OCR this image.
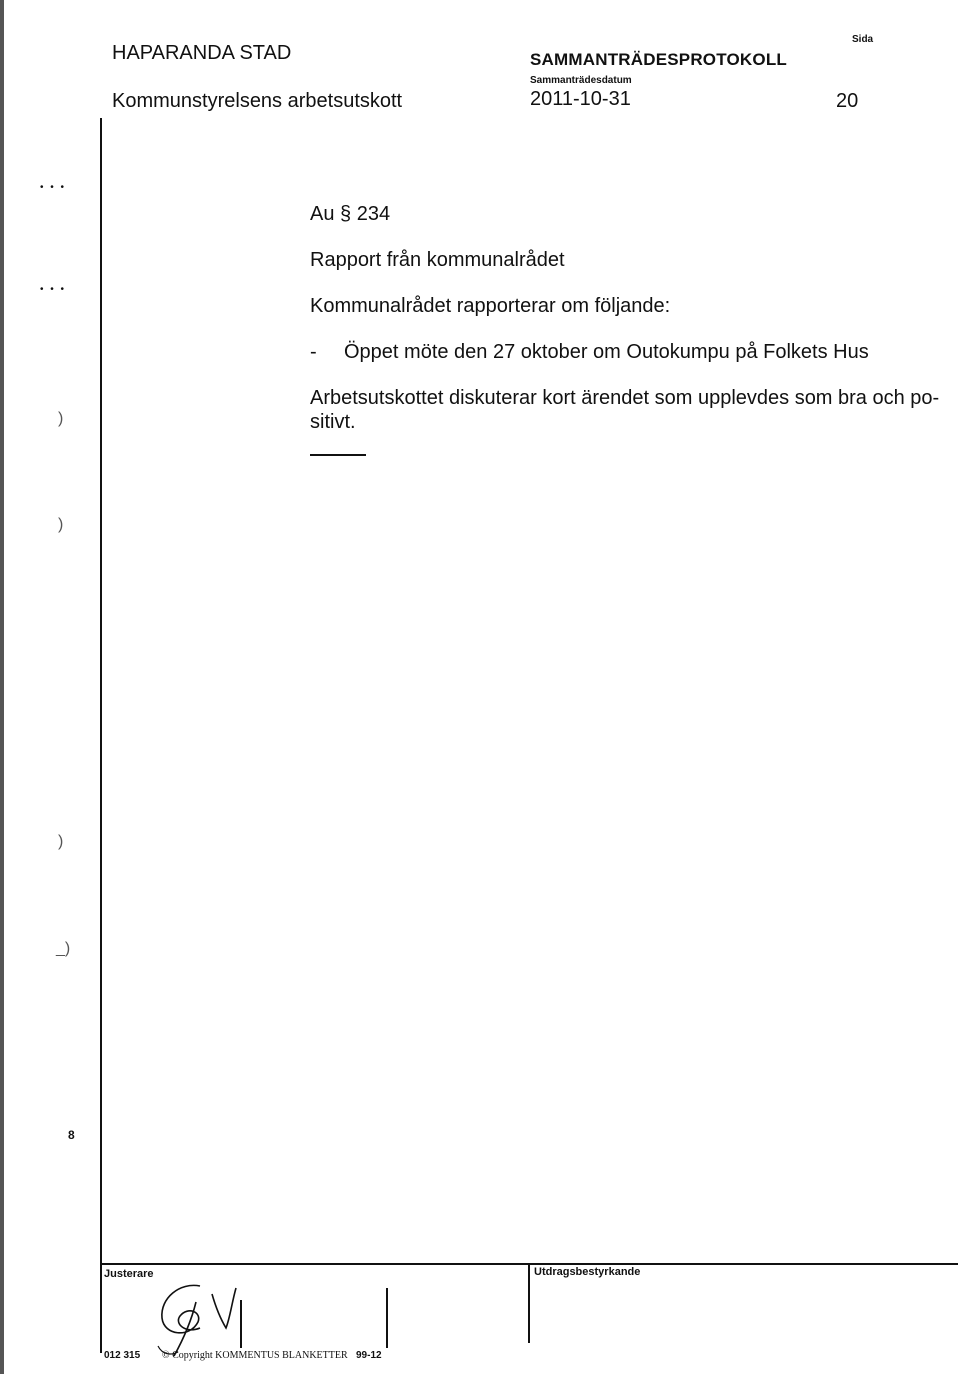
HAPARANDA STAD
Kommunstyrelsens arbetsutskott
SAMMANTRÄDESPROTOKOLL
Sammanträdesdatum
2011-10-31
Sida
20
• • •
• • •
)
)
)
_)
8
Au § 234
Rapport från kommunalrådet
Kommunalrådet rapporterar om följande:
- Öppet möte den 27 oktober om Outokumpu på Folkets Hus
Arbetsutskottet diskuterar kort ärendet som upplevdes som bra och po-
sitivt.
Justerare	Utdragsbestyrkande
012 315 © Copyright KOMMENTUS BLANKETTER 99-12
